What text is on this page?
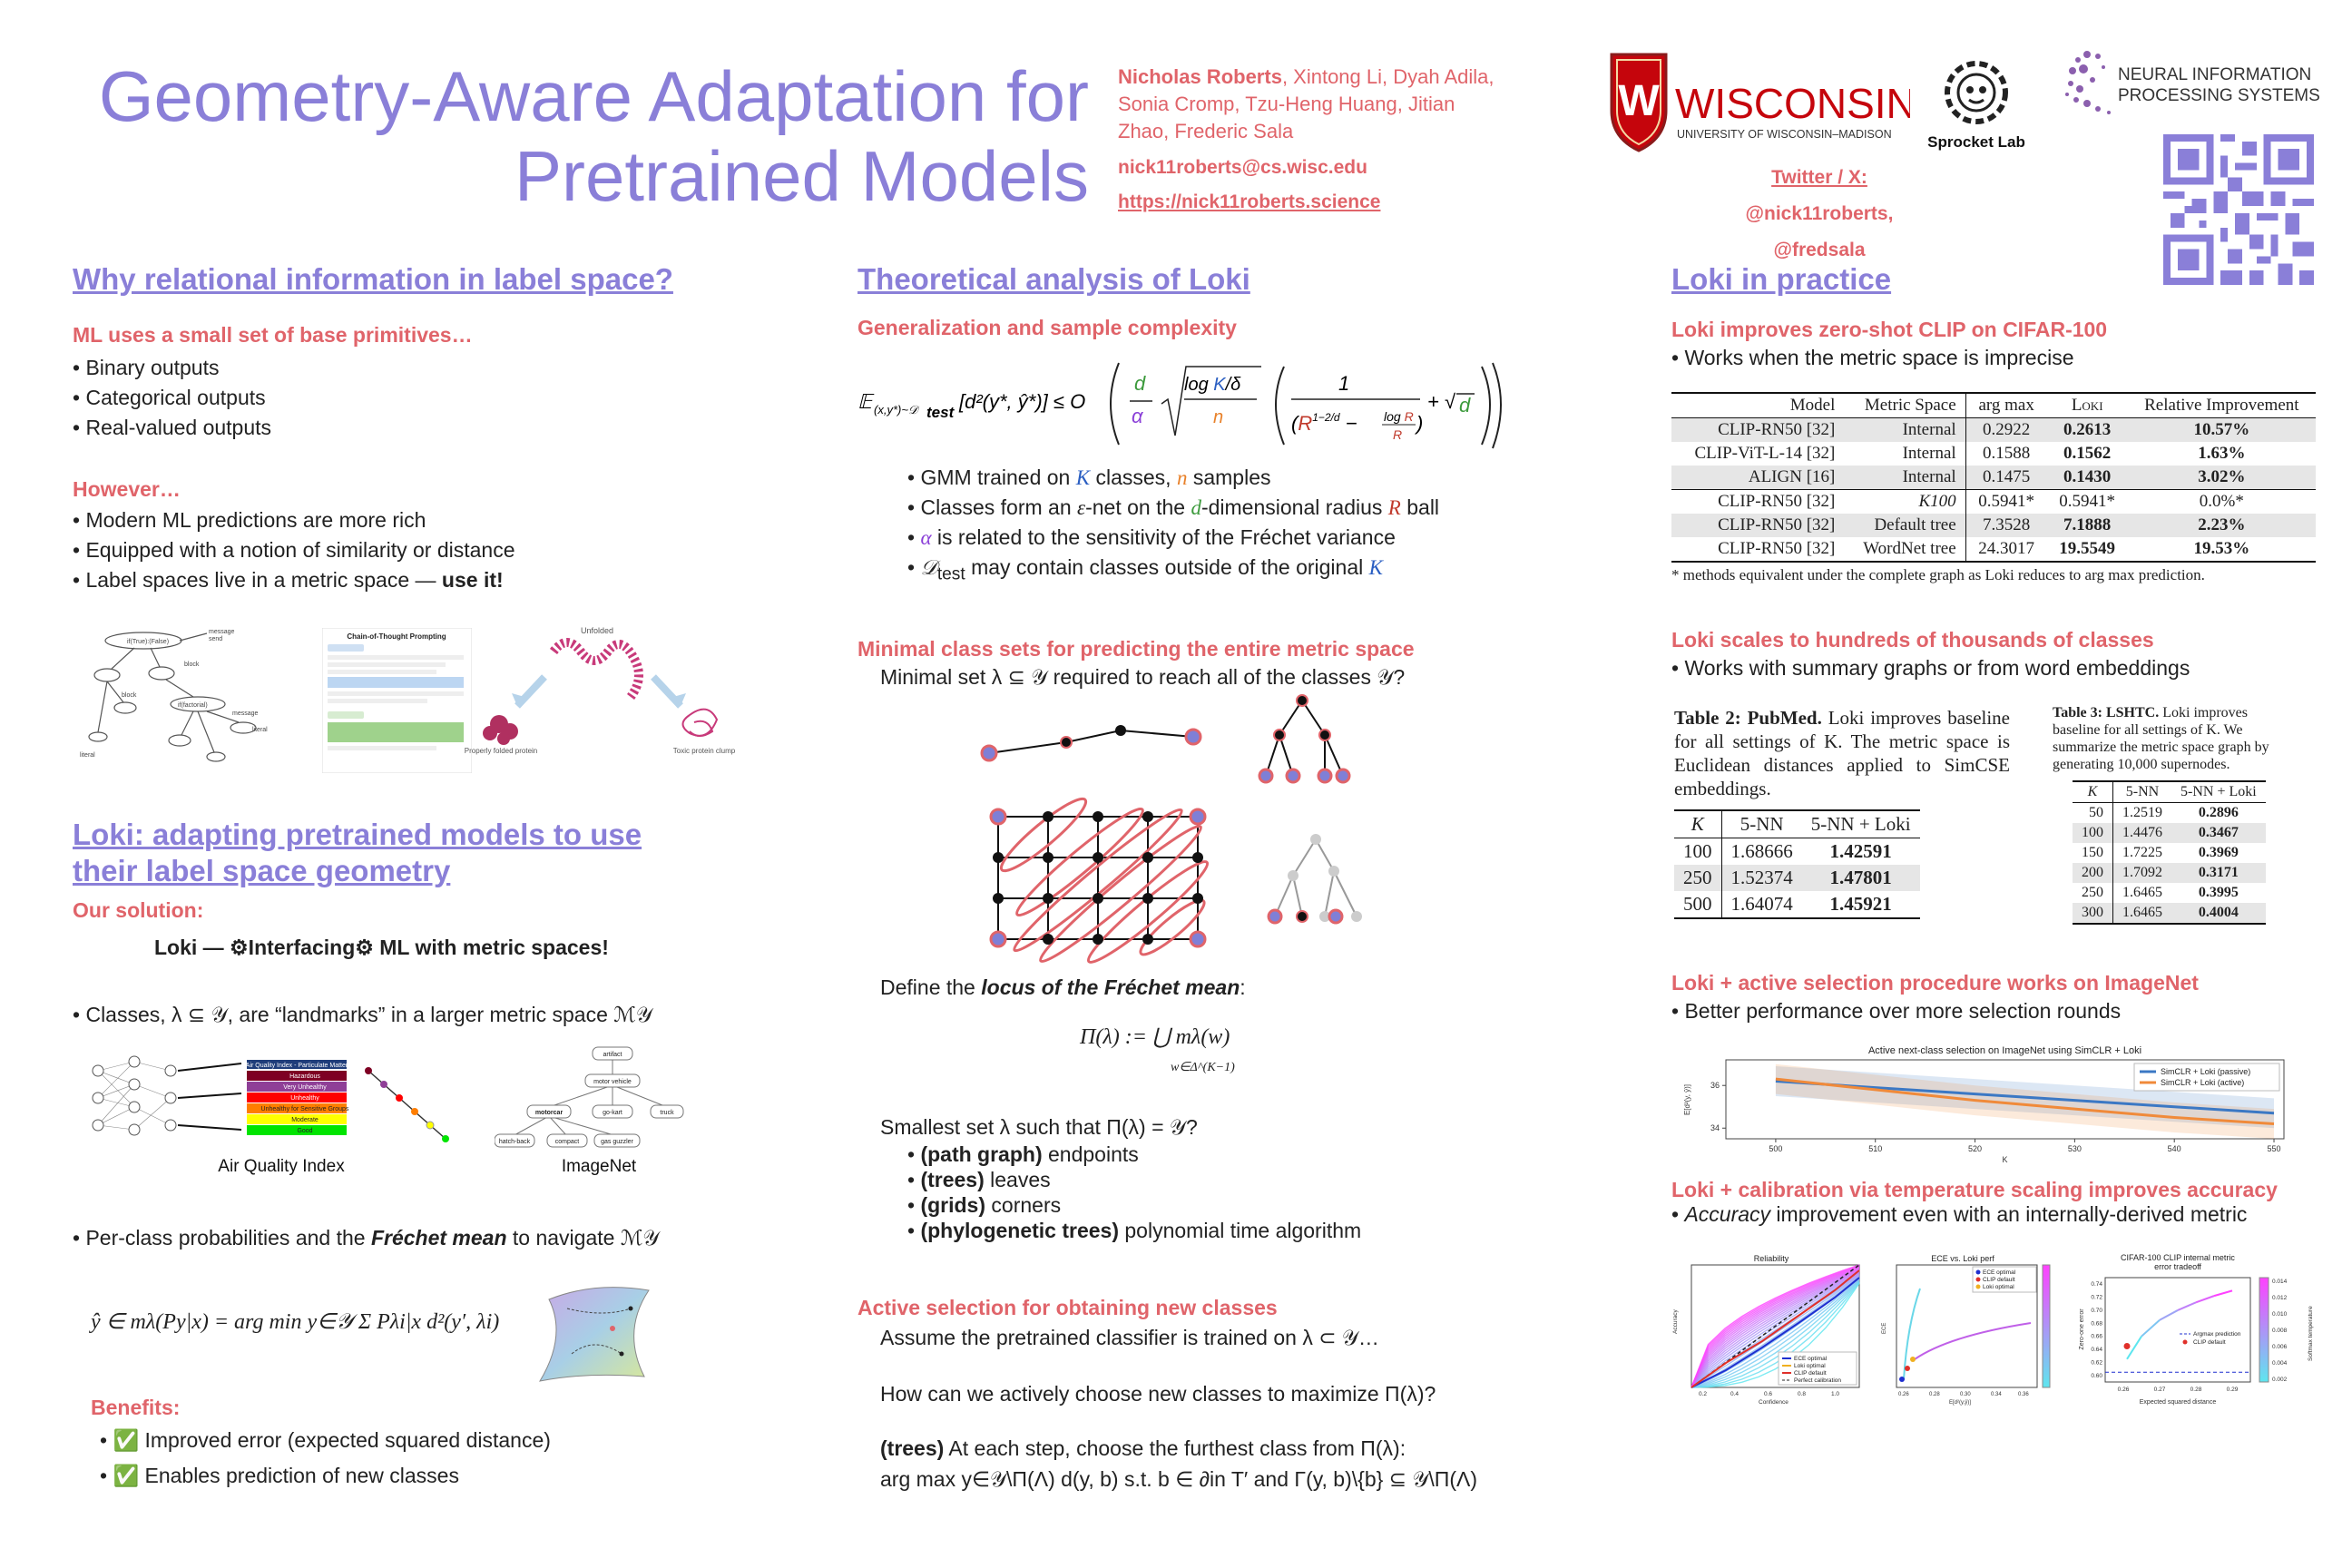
Geometry-Aware Adaptation for
Pretrained Models
Nicholas Roberts, Xintong Li, Dyah Adila, Sonia Cromp, Tzu-Heng Huang, Jitian Zhao, Frederic Sala
nick11roberts@cs.wisc.edu
https://nick11roberts.science
W WISCONSIN
UNIVERSITY OF WISCONSIN–MADISON Sprocket Lab
NEURAL INFORMATION
PROCESSING SYSTEMS
Twitter / X:
@nick11roberts, @fredsala
Why relational information in label space?
ML uses a small set of base primitives…
• Binary outputs
• Categorical outputs
• Real-valued outputs
However…
• Modern ML predictions are more rich
• Equipped with a notion of similarity or distance
• Label spaces live in a metric space — use it!
if(True):(False)
message
send
if(factorial)
message
literal
literal
block
block
Chain-of-Thought Prompting
Unfolded
Properly folded protein	Toxic protein clump
Loki: adapting pretrained models to use
their label space geometry
Our solution:
Loki — ⚙Interfacing⚙ ML with metric spaces!
• Classes, λ ⊆ 𝒴, are “landmarks” in a larger metric space ℳ𝒴
Air Quality Index - Particulate Matter
Hazardous
Very Unhealthy
Unhealthy
Unhealthy for Sensitive Groups
Moderate
Good
artifact
motor vehicle
motorcar	go-kart	truck
hatch-back	compact	gas guzzler
Air Quality Index	ImageNet
• Per-class probabilities and the Fréchet mean to navigate ℳ𝒴
ŷ ∈ mλ(Py|x) = arg min y∈𝒴 Σ Pλi|x d²(y′, λi)
Benefits:
• ✅ Improved error (expected squared distance)
• ✅ Enables prediction of new classes
Theoretical analysis of Loki
Generalization and sample complexity
𝔼 (x,y*)~𝒟 test [d²(y*, ŷ*)] ≤ O
d
α
log K/δ
n
1
($R^{1-2/d} - \log R$
R )
+ √ d
• GMM trained on K classes, n samples
• Classes form an ε-net on the d-dimensional radius R ball
• α is related to the sensitivity of the Fréchet variance
• 𝒟$_{test}$ may contain classes outside of the original K
Minimal class sets for predicting the entire metric space
Minimal set λ ⊆ 𝒴 required to reach all of the classes 𝒴?
Define the locus of the Fréchet mean:
Π(λ) := ⋃ mλ(w)
w∈Δ^(K−1)
Smallest set λ such that Π(λ) = 𝒴?
• (path graph) endpoints
• (trees) leaves
• (grids) corners
• (phylogenetic trees) polynomial time algorithm
Active selection for obtaining new classes
Assume the pretrained classifier is trained on λ ⊂ 𝒴…
How can we actively choose new classes to maximize Π(λ)?
(trees) At each step, choose the furthest class from Π(λ):
arg max y∈𝒴\Π(Λ) d(y, b) s.t. b ∈ ∂in T′ and Γ(y, b)\{b} ⊆ 𝒴\Π(Λ)
Loki in practice
Loki improves zero-shot CLIP on CIFAR-100
• Works when the metric space is imprecise
Model	Metric Space	arg max	Loki	Relative Improvement
CLIP-RN50 [32]	Internal	0.2922	0.2613	10.57%
CLIP-ViT-L-14 [32]	Internal	0.1588	0.1562	1.63%
ALIGN [16]	Internal	0.1475	0.1430	3.02%
CLIP-RN50 [32]	K100	0.5941*	0.5941*	0.0%*
CLIP-RN50 [32]	Default tree	7.3528	7.1888	2.23%
CLIP-RN50 [32]	WordNet tree	24.3017	19.5549	19.53%
* methods equivalent under the complete graph as Loki reduces to arg max prediction.
Loki scales to hundreds of thousands of classes
• Works with summary graphs or from word embeddings
Table 2: PubMed. Loki improves baseline for all settings of K. The metric space is Euclidean distances applied to SimCSE embeddings.
K	5-NN	5-NN + Loki
100	1.68666	1.42591
250	1.52374	1.47801
500	1.64074	1.45921
Table 3: LSHTC. Loki improves baseline for all settings of K. We summarize the metric space graph by generating 10,000 supernodes.
K	5-NN	5-NN + Loki
50	1.2519	0.2896
100	1.4476	0.3467
150	1.7225	0.3969
200	1.7092	0.3171
250	1.6465	0.3995
300	1.6465	0.4004
Loki + active selection procedure works on ImageNet
• Better performance over more selection rounds
Active next-class selection on ImageNet using SimCLR + Loki
500	510	520	530	540	550
34
36
K
E[d²(y, ŷ)]
SimCLR + Loki (passive)
SimCLR + Loki (active)
Loki + calibration via temperature scaling improves accuracy
• Accuracy improvement even with an internally-derived metric
Reliability
ECE optimal
Loki optimal
CLIP default
Perfect calibration
0.2	0.4	0.6	0.8	1.0
Confidence
Accuracy
ECE vs. Loki perf
ECE optimal
CLIP default
Loki optimal
0.26	0.28	0.30	0.34	0.36
E[d²(y,ŷ)]
ECE
CIFAR-100 CLIP internal metric
error tradeoff
0.014
0.012
0.010
0.008
0.006
0.004
0.002
Softmax temperature
0.26	0.27	0.28	0.29
0.60
0.62
0.64
0.66
0.68
0.70
0.72
0.74
Expected squared distance
Zero-one error	Argmax prediction
CLIP default
